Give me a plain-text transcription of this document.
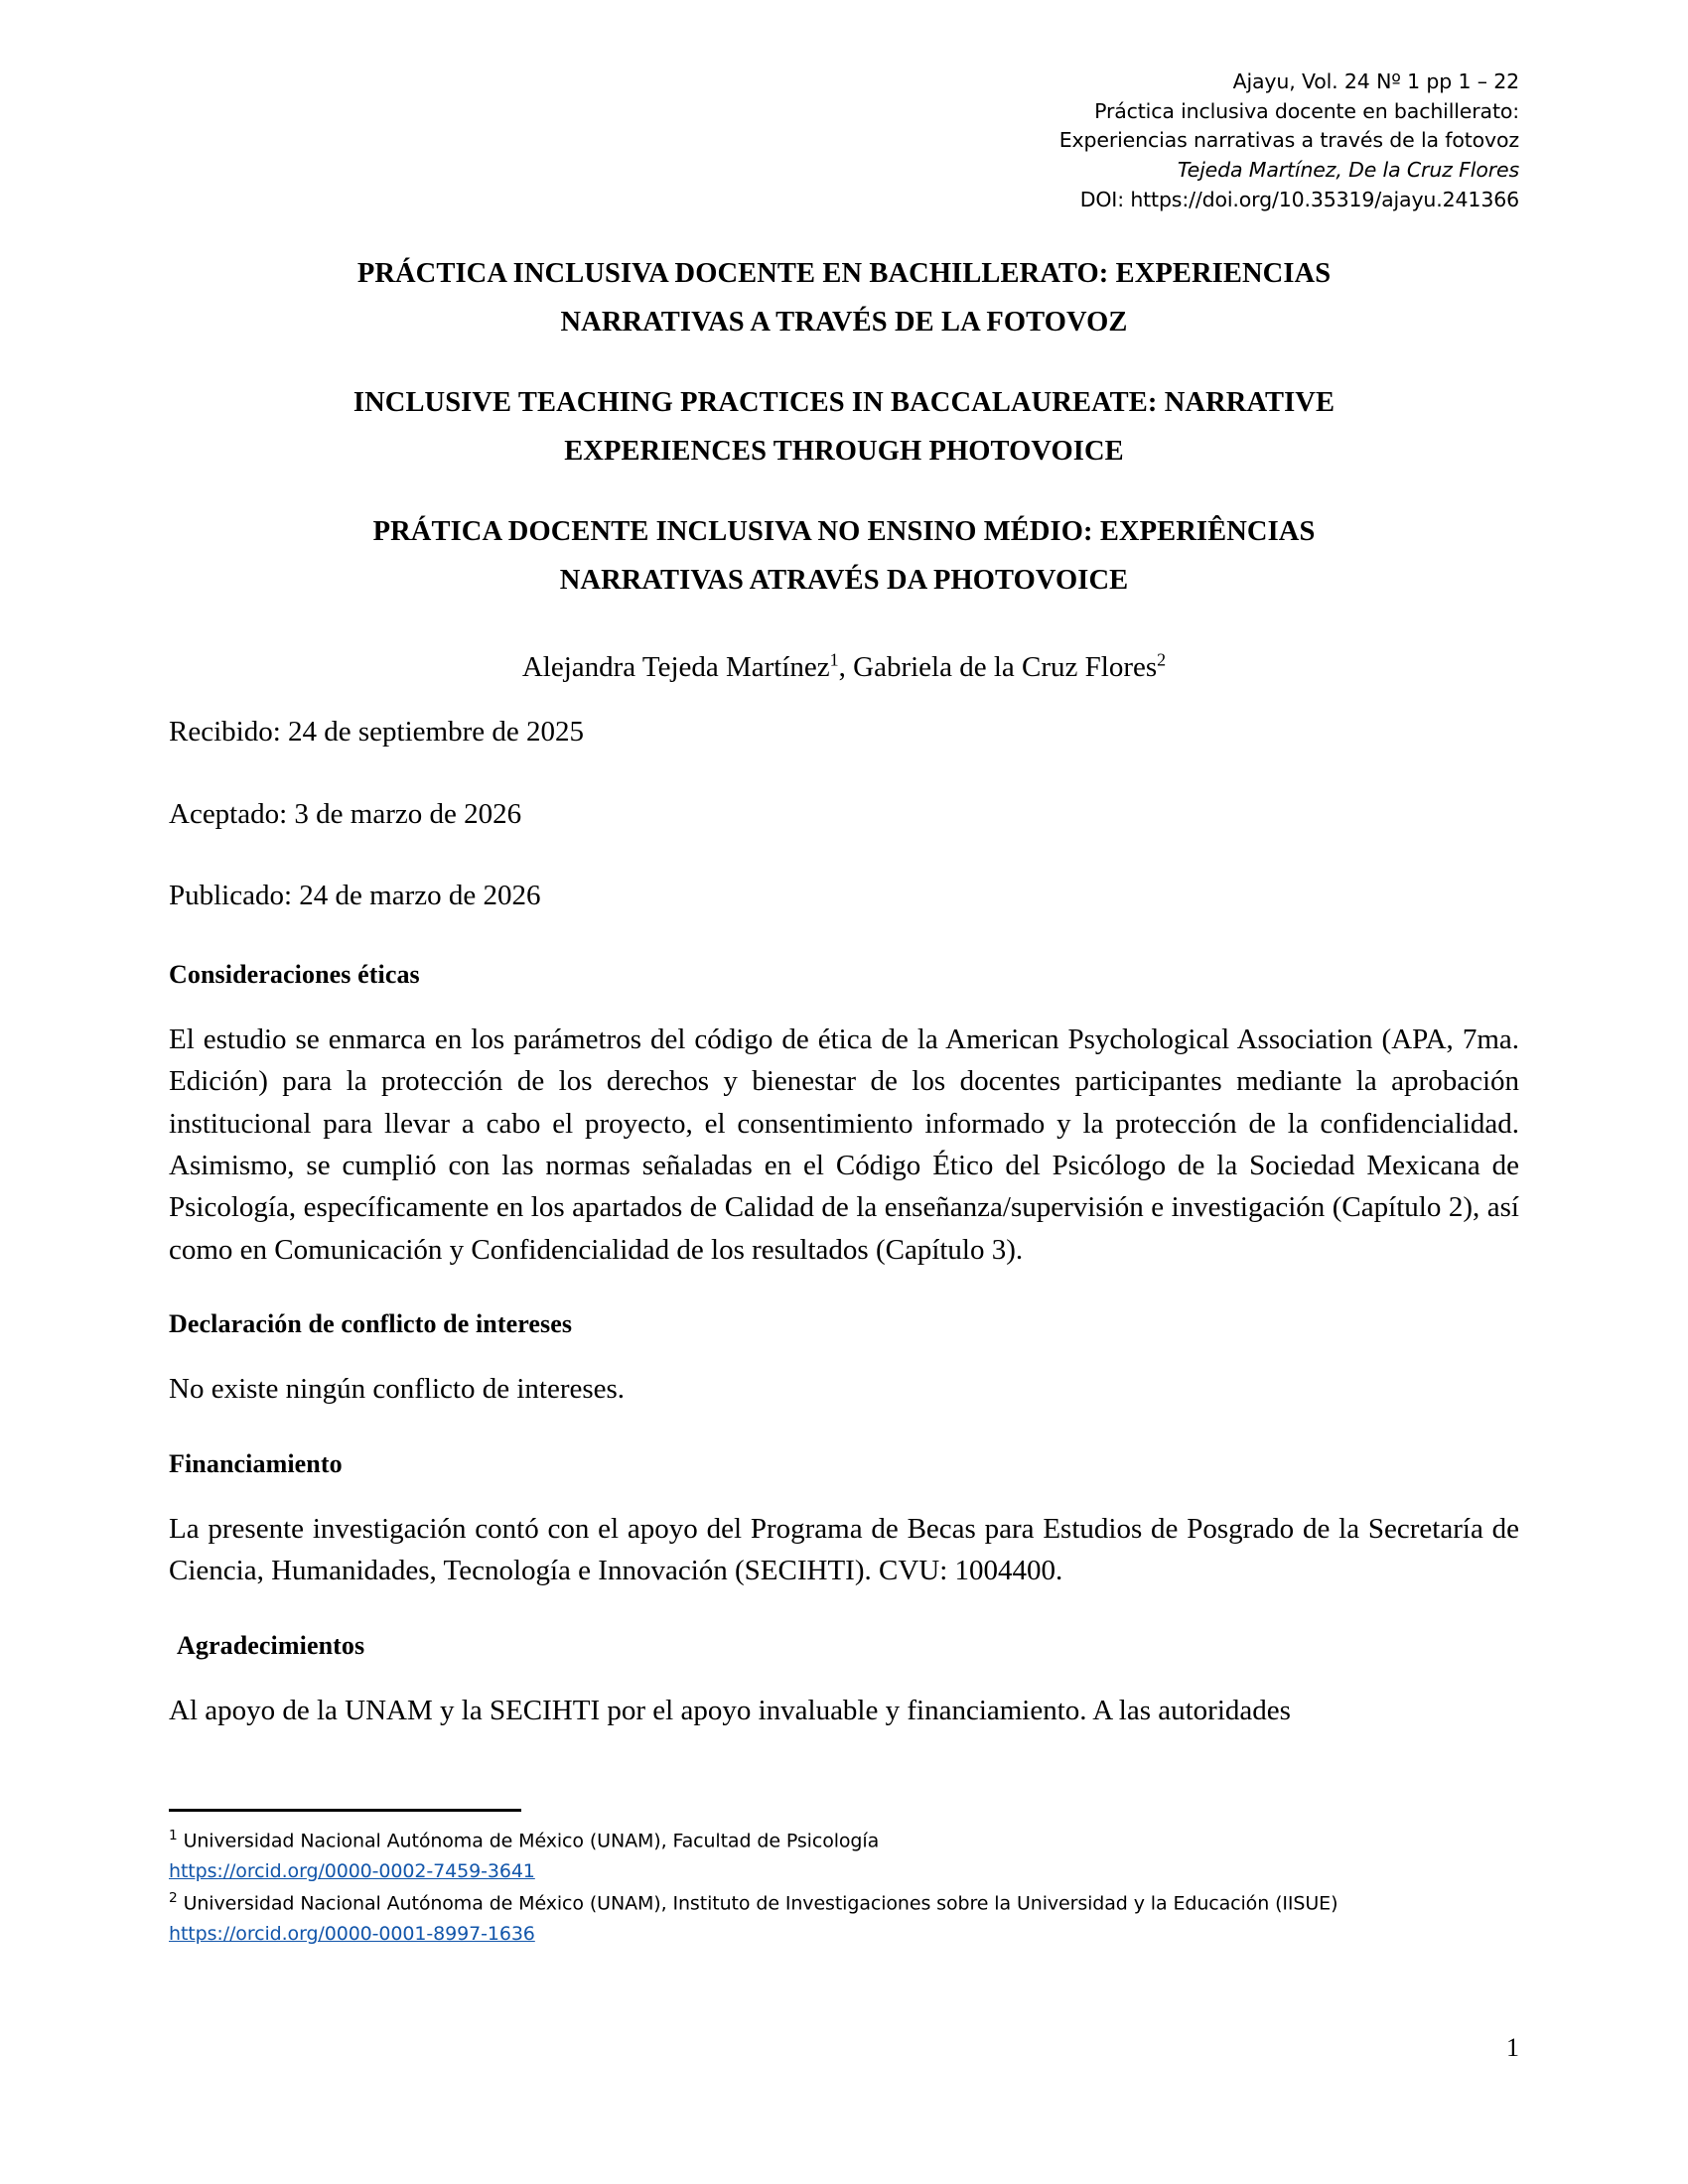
Ajayu, Vol. 24 Nº 1 pp 1 – 22
Práctica inclusiva docente en bachillerato:
Experiencias narrativas a través de la fotovoz
Tejeda Martínez, De la Cruz Flores
DOI: https://doi.org/10.35319/ajayu.241366

PRÁCTICA INCLUSIVA DOCENTE EN BACHILLERATO: EXPERIENCIAS

NARRATIVAS A TRAVÉS DE LA FOTOVOZ

INCLUSIVE TEACHING PRACTICES IN BACCALAUREATE: NARRATIVE

EXPERIENCES THROUGH PHOTOVOICE

PRÁTICA DOCENTE INCLUSIVA NO ENSINO MÉDIO: EXPERIÊNCIAS

NARRATIVAS ATRAVÉS DA PHOTOVOICE

Alejandra Tejeda Martínez$^1$, Gabriela de la Cruz Flores$^2$

Recibido: 24 de septiembre de 2025

Aceptado: 3 de marzo de 2026

Publicado: 24 de marzo de 2026

Consideraciones éticas

El estudio se enmarca en los parámetros del código de ética de la American Psychological Association (APA, 7ma. Edición) para la protección de los derechos y bienestar de los docentes participantes mediante la aprobación institucional para llevar a cabo el proyecto, el consentimiento informado y la protección de la confidencialidad. Asimismo, se cumplió con las normas señaladas en el Código Ético del Psicólogo de la Sociedad Mexicana de Psicología, específicamente en los apartados de Calidad de la enseñanza/supervisión e investigación (Capítulo 2), así como en Comunicación y Confidencialidad de los resultados (Capítulo 3).

Declaración de conflicto de intereses

No existe ningún conflicto de intereses.

Financiamiento

La presente investigación contó con el apoyo del Programa de Becas para Estudios de Posgrado de la Secretaría de Ciencia, Humanidades, Tecnología e Innovación (SECIHTI). CVU: 1004400.

Agradecimientos

Al apoyo de la UNAM y la SECIHTI por el apoyo invaluable y financiamiento. A las autoridades

$^1$ Universidad Nacional Autónoma de México (UNAM), Facultad de Psicología

https://orcid.org/0000-0002-7459-3641

$^2$ Universidad Nacional Autónoma de México (UNAM), Instituto de Investigaciones sobre la Universidad y la Educación (IISUE)

https://orcid.org/0000-0001-8997-1636

1
